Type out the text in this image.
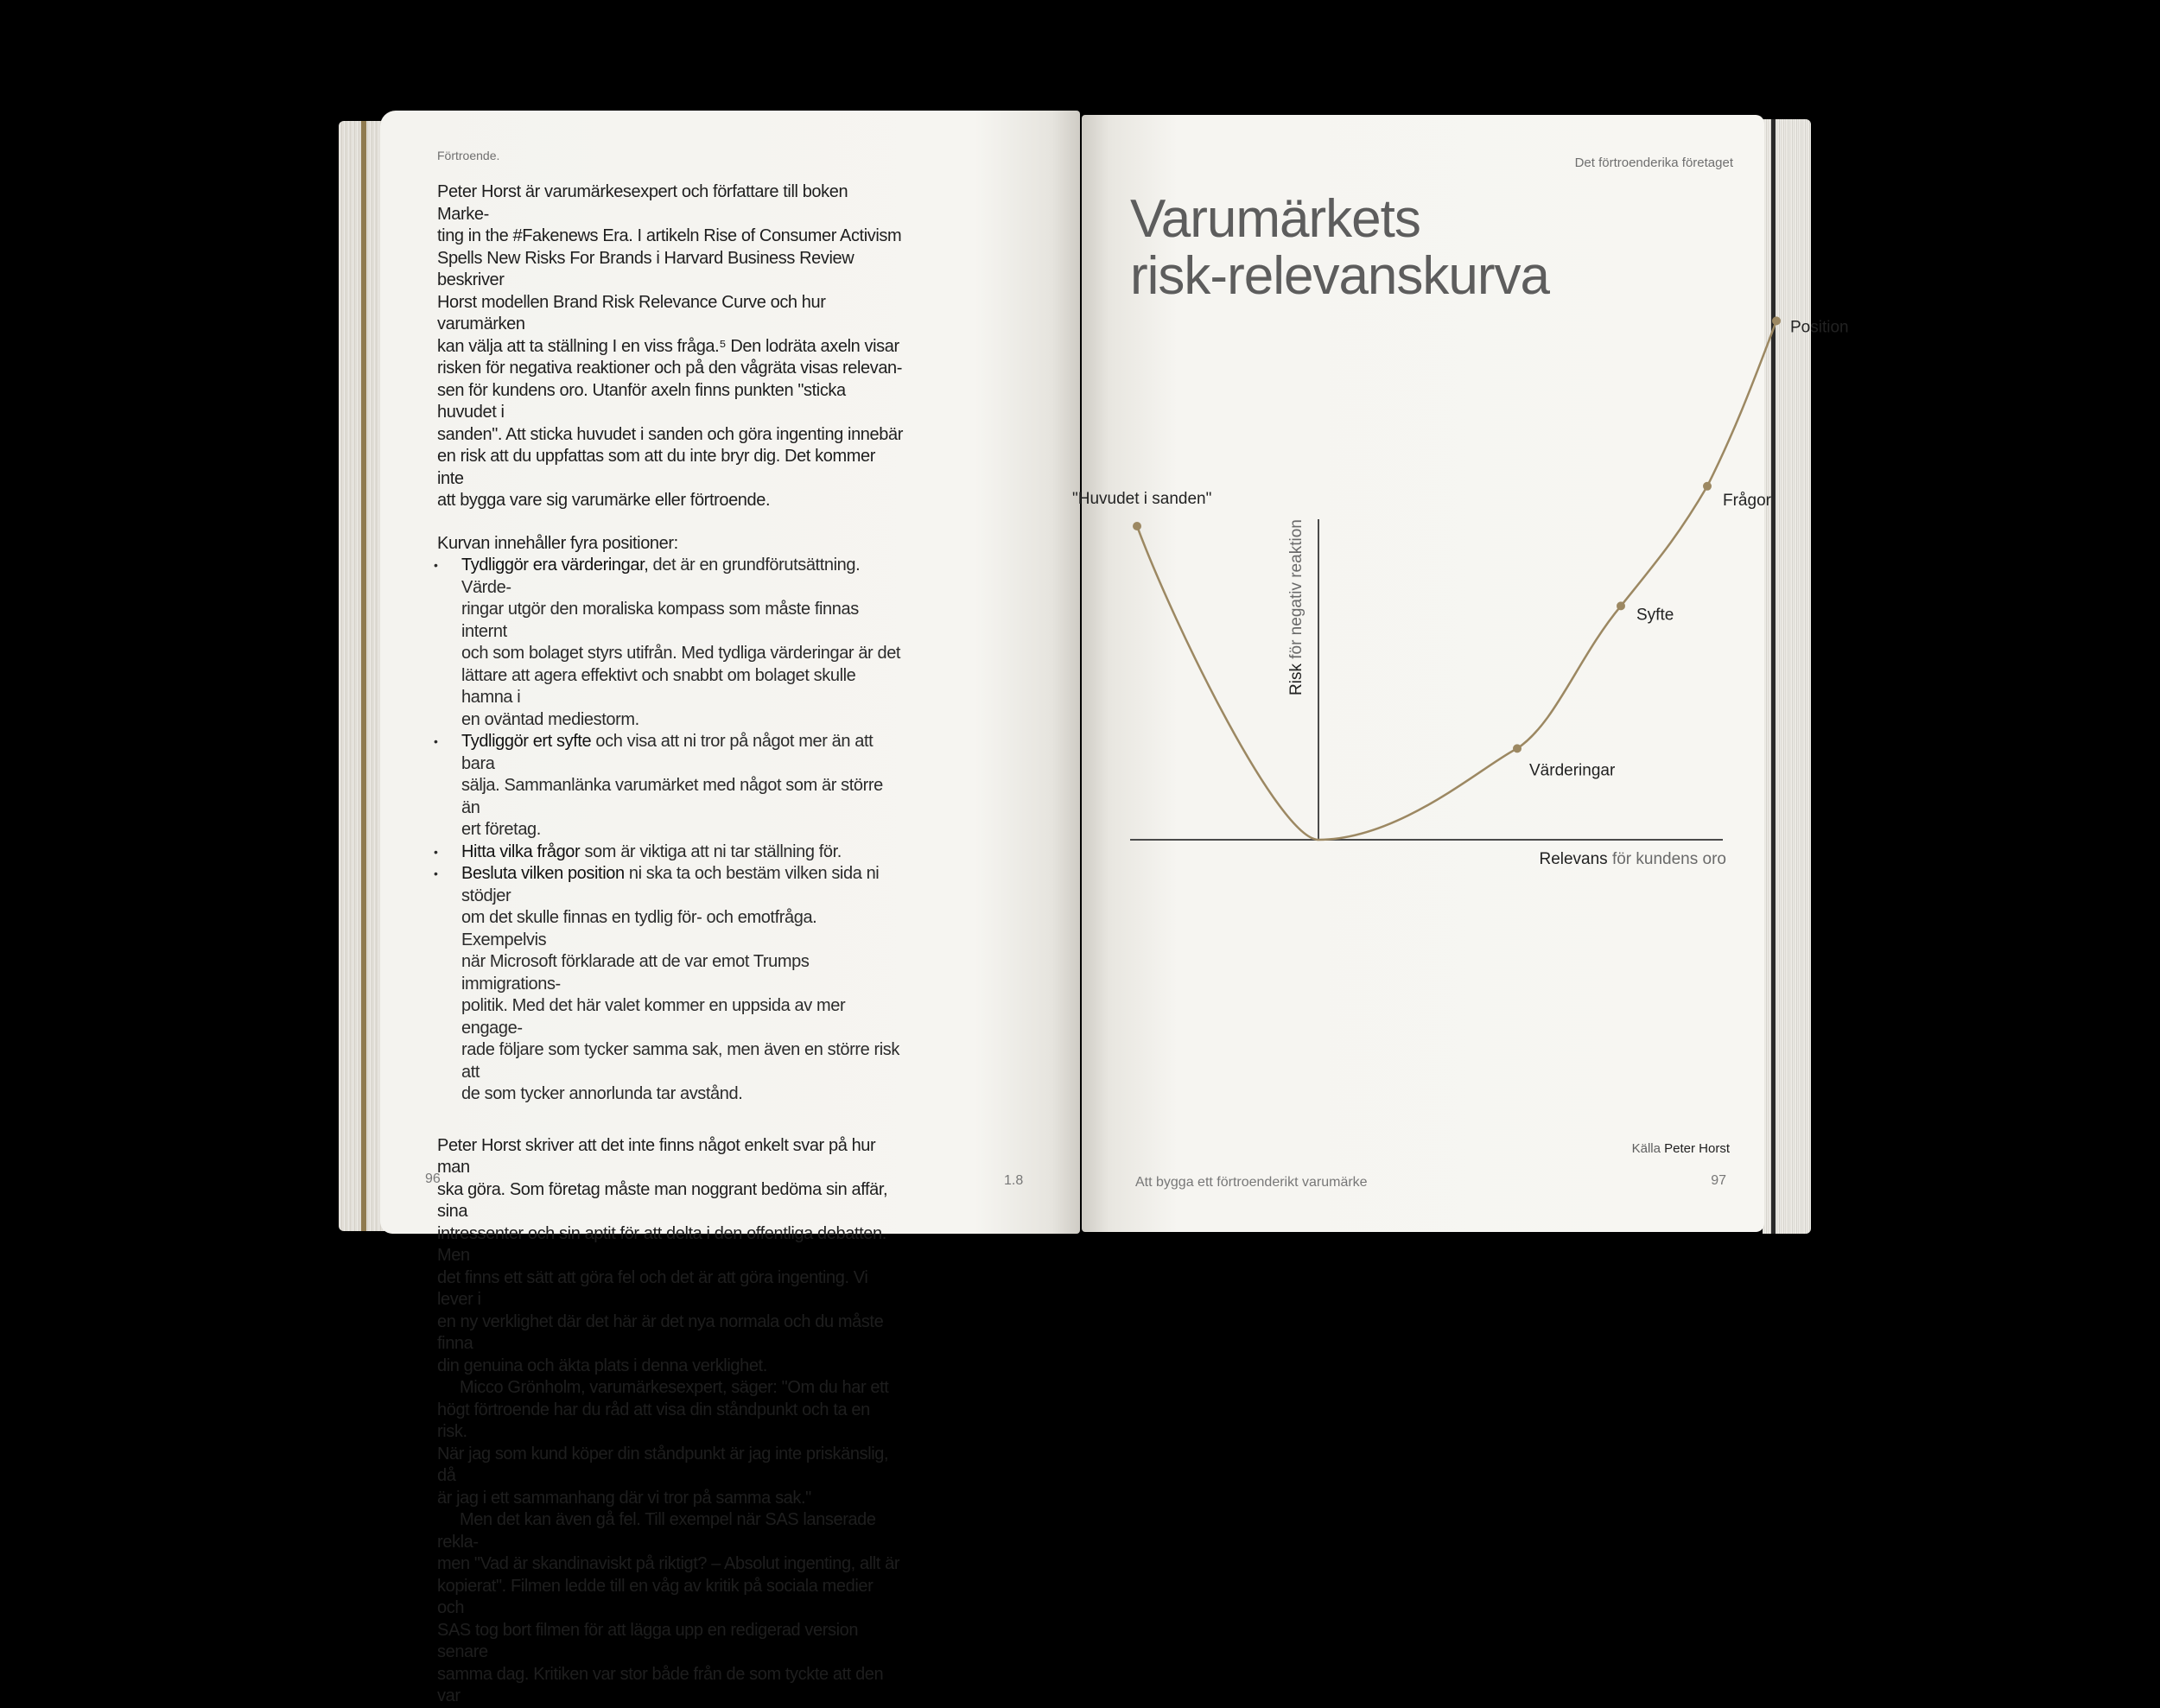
Förtroende.

Peter Horst är varumärkesexpert och författare till boken Marke-
ting in the #Fakenews Era. I artikeln Rise of Consumer Activism
Spells New Risks For Brands i Harvard Business Review beskriver
Horst modellen Brand Risk Relevance Curve och hur varumärken
kan välja att ta ställning I en viss fråga.⁵ Den lodräta axeln visar
risken för negativa reaktioner och på den vågräta visas relevan-
sen för kundens oro. Utanför axeln finns punkten "sticka huvudet i
sanden". Att sticka huvudet i sanden och göra ingenting innebär
en risk att du uppfattas som att du inte bryr dig. Det kommer inte
att bygga vare sig varumärke eller förtroende.

Kurvan innehåller fyra positioner:

• Tydliggör era värderingar, det är en grundförutsättning. Värde-
ringar utgör den moraliska kompass som måste finnas internt
och som bolaget styrs utifrån. Med tydliga värderingar är det
lättare att agera effektivt och snabbt om bolaget skulle hamna i
en oväntad mediestorm.
• Tydliggör ert syfte och visa att ni tror på något mer än att bara
sälja. Sammanlänka varumärket med något som är större än
ert företag.
• Hitta vilka frågor som är viktiga att ni tar ställning för.
• Besluta vilken position ni ska ta och bestäm vilken sida ni stödjer
om det skulle finnas en tydlig för- och emotfråga. Exempelvis
när Microsoft förklarade att de var emot Trumps immigrations-
politik. Med det här valet kommer en uppsida av mer engage-
rade följare som tycker samma sak, men även en större risk att
de som tycker annorlunda tar avstånd.

Peter Horst skriver att det inte finns något enkelt svar på hur man
ska göra. Som företag måste man noggrant bedöma sin affär, sina
intressenter och sin aptit för att delta i den offentliga debatten. Men
det finns ett sätt att göra fel och det är att göra ingenting. Vi lever i
en ny verklighet där det här är det nya normala och du måste finna
din genuina och äkta plats i denna verklighet.

Micco Grönholm, varumärkesexpert, säger: "Om du har ett
högt förtroende har du råd att visa din ståndpunkt och ta en risk.
När jag som kund köper din ståndpunkt är jag inte priskänslig, då
är jag i ett sammanhang där vi tror på samma sak."

Men det kan även gå fel. Till exempel när SAS lanserade rekla-
men "Vad är skandinaviskt på riktigt? – Absolut ingenting, allt är
kopierat". Filmen ledde till en våg av kritik på sociala medier och
SAS tog bort filmen för att lägga upp en redigerad version senare
samma dag. Kritiken var stor både från de som tyckte att den var

96	1.8
Det förtroenderika företaget
Varumärkets
risk-relevanskurva
Risk för negativ reaktion
Relevans för kundens oro
"Huvudet i sanden"
Värderingar
Syfte
Frågor
Position
Källa Peter Horst
Att bygga ett förtroenderikt varumärke	97
